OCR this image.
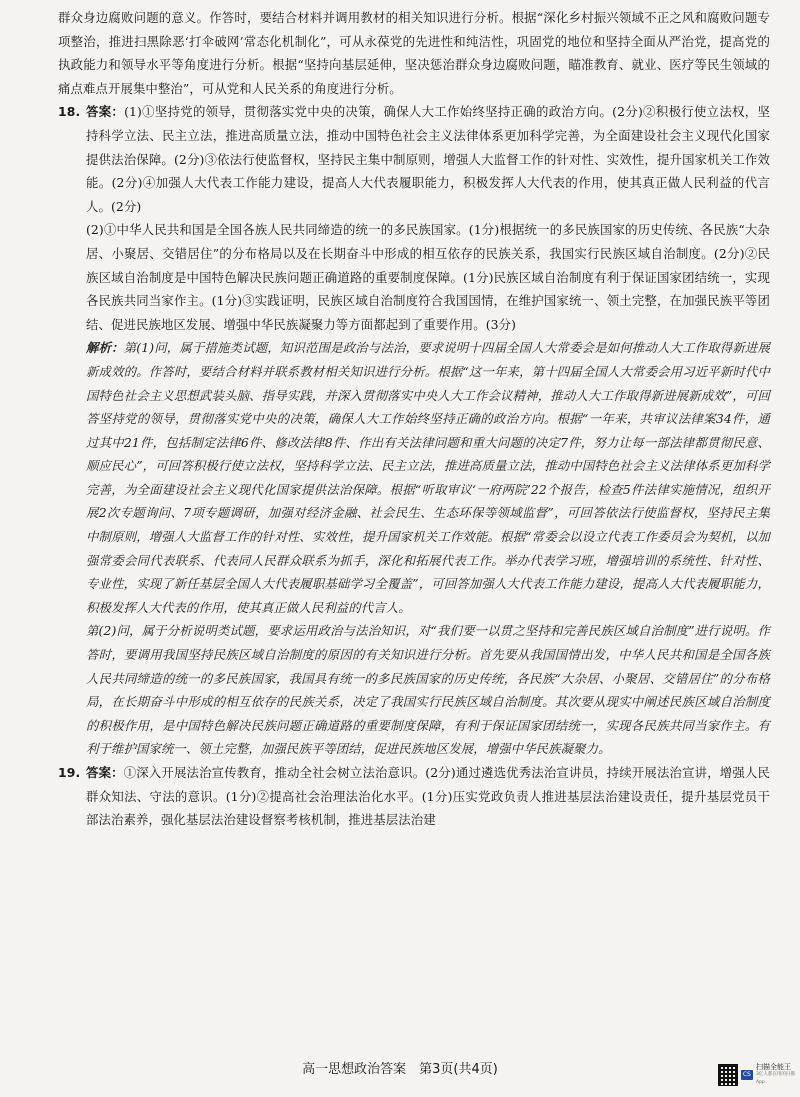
群众身边腐败问题的意义。作答时，要结合材料并调用教材的相关知识进行分析。根据“深化乡村振兴领域不正之风和腐败问题专项整治，推进扫黑除恶‘打伞破网’常态化机制化”，可从永葆党的先进性和纯洁性，巩固党的地位和坚持全面从严治党，提高党的执政能力和领导水平等角度进行分析。根据“坚持向基层延伸，坚决惩治群众身边腐败问题，瞄准教育、就业、医疗等民生领域的痛点难点开展集中整治”，可从党和人民关系的角度进行分析。

18. 答案：(1)①坚持党的领导，贯彻落实党中央的决策，确保人大工作始终坚持正确的政治方向。(2分)②积极行使立法权，坚持科学立法、民主立法，推进高质量立法，推动中国特色社会主义法律体系更加科学完善，为全面建设社会主义现代化国家提供法治保障。(2分)③依法行使监督权，坚持民主集中制原则，增强人大监督工作的针对性、实效性，提升国家机关工作效能。(2分)④加强人大代表工作能力建设，提高人大代表履职能力，积极发挥人大代表的作用，使其真正做人民利益的代言人。(2分)

(2)①中华人民共和国是全国各族人民共同缔造的统一的多民族国家。(1分)根据统一的多民族国家的历史传统、各民族“大杂居、小聚居、交错居住”的分布格局以及在长期奋斗中形成的相互依存的民族关系，我国实行民族区域自治制度。(2分)②民族区域自治制度是中国特色解决民族问题正确道路的重要制度保障。(1分)民族区域自治制度有利于保证国家团结统一，实现各民族共同当家作主。(1分)③实践证明，民族区域自治制度符合我国国情，在维护国家统一、领土完整，在加强民族平等团结、促进民族地区发展、增强中华民族凝聚力等方面都起到了重要作用。(3分)

解析：第(1)问，属于措施类试题，知识范围是政治与法治，要求说明十四届全国人大常委会是如何推动人大工作取得新进展新成效的。作答时，要结合材料并联系教材相关知识进行分析。根据“这一年来，第十四届全国人大常委会用习近平新时代中国特色社会主义思想武装头脑、指导实践，并深入贯彻落实中央人大工作会议精神，推动人大工作取得新进展新成效”，可回答坚持党的领导，贯彻落实党中央的决策，确保人大工作始终坚持正确的政治方向。根据“一年来，共审议法律案34件，通过其中21件，包括制定法律6件、修改法律8件、作出有关法律问题和重大问题的决定7件，努力让每一部法律都贯彻民意、顺应民心”，可回答积极行使立法权，坚持科学立法、民主立法，推进高质量立法，推动中国特色社会主义法律体系更加科学完善，为全面建设社会主义现代化国家提供法治保障。根据“听取审议‘一府两院’22个报告，检查5件法律实施情况，组织开展2次专题询问、7项专题调研，加强对经济金融、社会民生、生态环保等领域监督”，可回答依法行使监督权，坚持民主集中制原则，增强人大监督工作的针对性、实效性，提升国家机关工作效能。根据“常委会以设立代表工作委员会为契机，以加强常委会同代表联系、代表同人民群众联系为抓手，深化和拓展代表工作。举办代表学习班，增强培训的系统性、针对性、专业性，实现了新任基层全国人大代表履职基础学习全覆盖”，可回答加强人大代表工作能力建设，提高人大代表履职能力，积极发挥人大代表的作用，使其真正做人民利益的代言人。

第(2)问，属于分析说明类试题，要求运用政治与法治知识，对“我们要一以贯之坚持和完善民族区域自治制度”进行说明。作答时，要调用我国坚持民族区域自治制度的原因的有关知识进行分析。首先要从我国国情出发，中华人民共和国是全国各族人民共同缔造的统一的多民族国家，我国具有统一的多民族国家的历史传统，各民族“大杂居、小聚居、交错居住”的分布格局，在长期奋斗中形成的相互依存的民族关系，决定了我国实行民族区域自治制度。其次要从现实中阐述民族区域自治制度的积极作用，是中国特色解决民族问题正确道路的重要制度保障，有利于保证国家团结统一，实现各民族共同当家作主。有利于维护国家统一、领土完整，加强民族平等团结，促进民族地区发展，增强中华民族凝聚力。

19. 答案：①深入开展法治宣传教育，推动全社会树立法治意识。(2分)通过遴选优秀法治宣讲员，持续开展法治宣讲，增强人民群众知法、守法的意识。(1分)②提高社会治理法治化水平。(1分)压实党政负责人推进基层法治建设责任，提升基层党员干部法治素养，强化基层法治建设督察考核机制，推进基层法治建

高一思想政治答案　第3页(共4页)	CS
扫描全能王
3亿人都在用的扫描App
